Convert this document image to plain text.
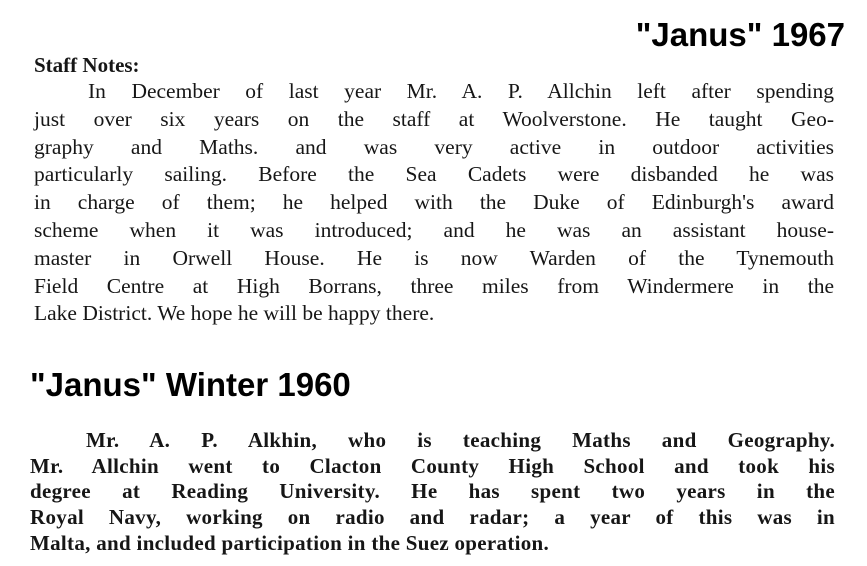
"Janus" 1967

Staff Notes:

In December of last year Mr. A. P. Allchin left after spending
just over six years on the staff at Woolverstone. He taught Geo-
graphy and Maths. and was very active in outdoor activities
particularly sailing. Before the Sea Cadets were disbanded he was
in charge of them; he helped with the Duke of Edinburgh's award
scheme when it was introduced; and he was an assistant house-
master in Orwell House. He is now Warden of the Tynemouth
Field Centre at High Borrans, three miles from Windermere in the
Lake District. We hope he will be happy there.
"Janus" Winter 1960
Mr. A. P. Alkhin, who is teaching Maths and Geography.
Mr. Allchin went to Clacton County High School and took his
degree at Reading University. He has spent two years in the
Royal Navy, working on radio and radar; a year of this was in
Malta, and included participation in the Suez operation.
